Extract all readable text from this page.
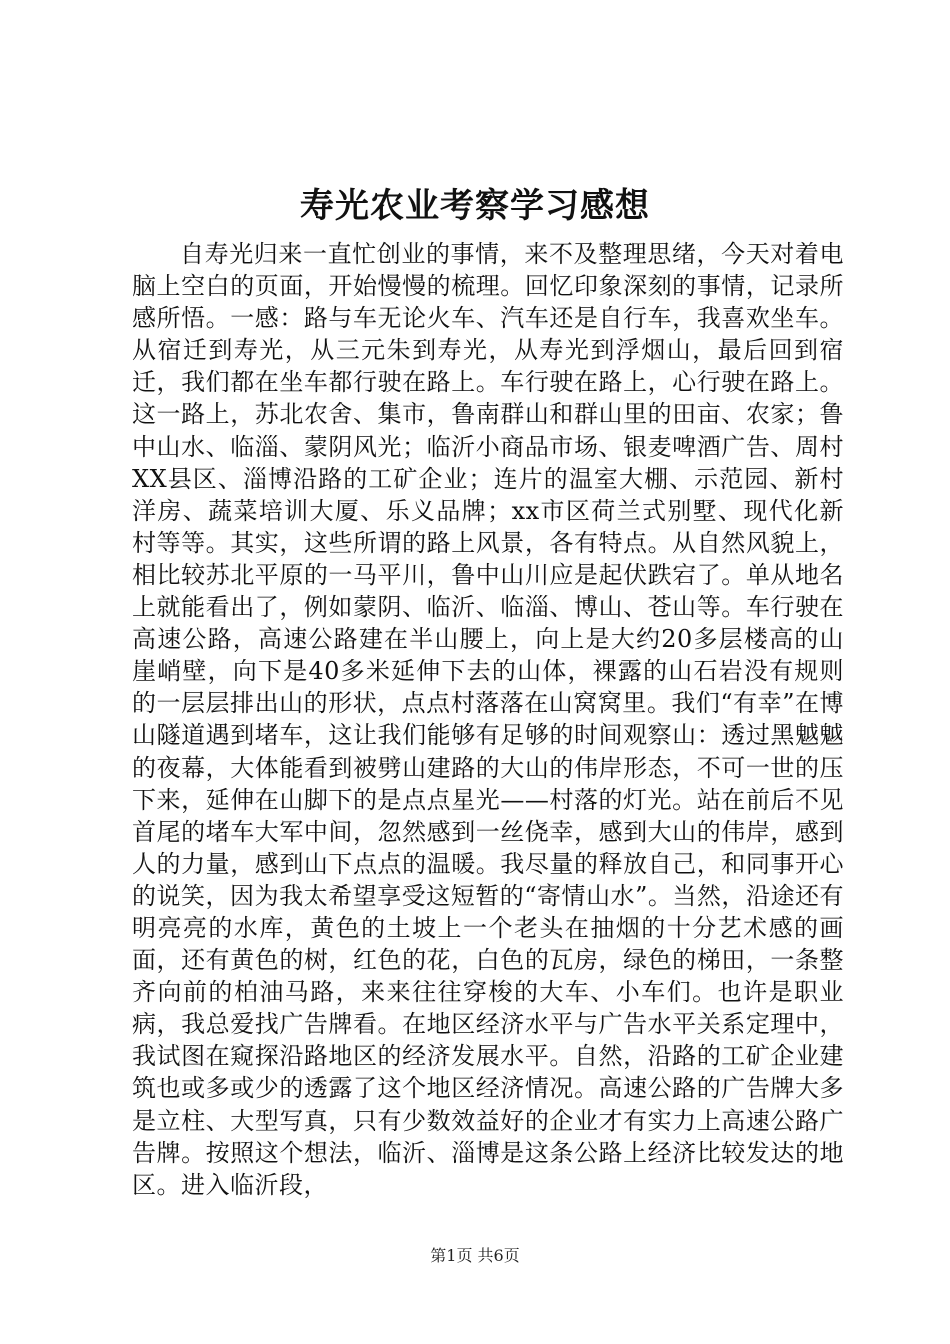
寿光农业考察学习感想

自寿光归来一直忙创业的事情，来不及整理思绪，今天对着电脑上空白的页面，开始慢慢的梳理。回忆印象深刻的事情，记录所感所悟。一感：路与车无论火车、汽车还是自行车，我喜欢坐车。从宿迁到寿光，从三元朱到寿光，从寿光到浮烟山，最后回到宿迁，我们都在坐车都行驶在路上。车行驶在路上，心行驶在路上。这一路上，苏北农舍、集市，鲁南群山和群山里的田亩、农家；鲁中山水、临淄、蒙阴风光；临沂小商品市场、银麦啤酒广告、周村XX县区、淄博沿路的工矿企业；连片的温室大棚、示范园、新村洋房、蔬菜培训大厦、乐义品牌；xx市区荷兰式别墅、现代化新村等等。其实，这些所谓的路上风景，各有特点。从自然风貌上，相比较苏北平原的一马平川，鲁中山川应是起伏跌宕了。单从地名上就能看出了，例如蒙阴、临沂、临淄、博山、苍山等。车行驶在高速公路，高速公路建在半山腰上，向上是大约20多层楼高的山崖峭壁，向下是40多米延伸下去的山体，裸露的山石岩没有规则的一层层排出山的形状，点点村落落在山窝窝里。我们“有幸”在博山隧道遇到堵车，这让我们能够有足够的时间观察山：透过黑魆魆的夜幕，大体能看到被劈山建路的大山的伟岸形态，不可一世的压下来，延伸在山脚下的是点点星光——村落的灯光。站在前后不见首尾的堵车大军中间，忽然感到一丝侥幸，感到大山的伟岸，感到人的力量，感到山下点点的温暖。我尽量的释放自己，和同事开心的说笑，因为我太希望享受这短暂的“寄情山水”。当然，沿途还有明亮亮的水库，黄色的土坡上一个老头在抽烟的十分艺术感的画面，还有黄色的树，红色的花，白色的瓦房，绿色的梯田，一条整齐向前的柏油马路，来来往往穿梭的大车、小车们。也许是职业病，我总爱找广告牌看。在地区经济水平与广告水平关系定理中，我试图在窥探沿路地区的经济发展水平。自然，沿路的工矿企业建筑也或多或少的透露了这个地区经济情况。高速公路的广告牌大多是立柱、大型写真，只有少数效益好的企业才有实力上高速公路广告牌。按照这个想法，临沂、淄博是这条公路上经济比较发达的地区。进入临沂段，

第1页 共6页
